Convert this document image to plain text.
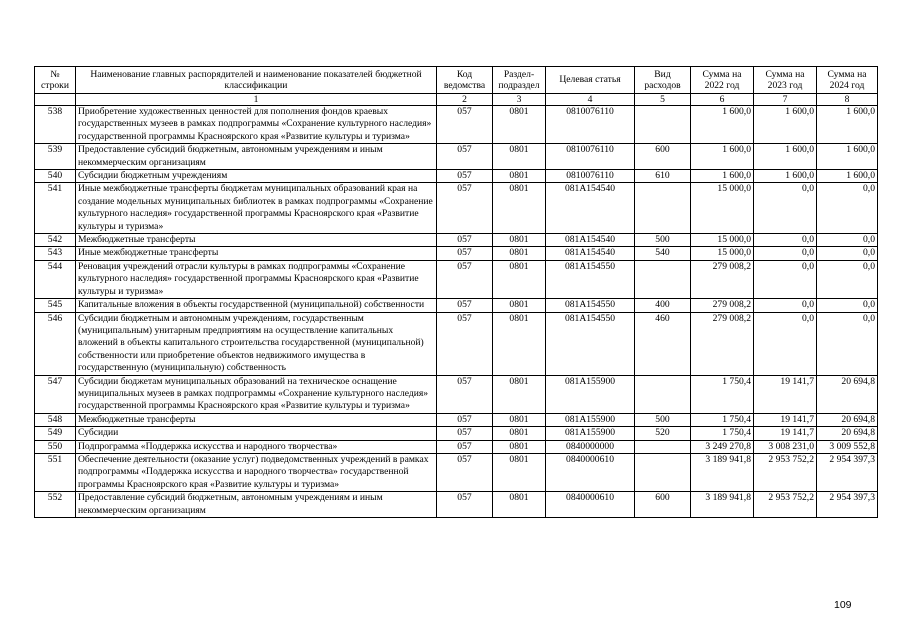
№ строки	Наименование главных распорядителей и наименование показателей бюджетной классификации	Код ведомства	Раздел- подраздел	Целевая статья	Вид расходов	Сумма на 2022 год	Сумма на 2023 год	Сумма на 2024 год
	1	2	3	4	5	6	7	8
538	Приобретение художественных ценностей для пополнения фондов краевых государственных музеев в рамках подпрограммы «Сохранение культурного наследия» государственной программы Красноярского края «Развитие культуры и туризма»	057	0801	0810076110		1 600,0	1 600,0	1 600,0
539	Предоставление субсидий бюджетным, автономным учреждениям и иным некоммерческим организациям	057	0801	0810076110	600	1 600,0	1 600,0	1 600,0
540	Субсидии бюджетным учреждениям	057	0801	0810076110	610	1 600,0	1 600,0	1 600,0
541	Иные межбюджетные трансферты бюджетам муниципальных образований края на создание модельных муниципальных библиотек в рамках подпрограммы «Сохранение культурного наследия» государственной программы Красноярского края «Развитие культуры и туризма»	057	0801	081А154540		15 000,0	0,0	0,0
542	Межбюджетные трансферты	057	0801	081А154540	500	15 000,0	0,0	0,0
543	Иные межбюджетные трансферты	057	0801	081А154540	540	15 000,0	0,0	0,0
544	Реновация учреждений отрасли культуры в рамках подпрограммы «Сохранение культурного наследия» государственной программы Красноярского края «Развитие культуры и туризма»	057	0801	081А154550		279 008,2	0,0	0,0
545	Капитальные вложения в объекты государственной (муниципальной) собственности	057	0801	081А154550	400	279 008,2	0,0	0,0
546	Субсидии бюджетным и автономным учреждениям, государственным (муниципальным) унитарным предприятиям на осуществление капитальных вложений в объекты капитального строительства государственной (муниципальной) собственности или приобретение объектов недвижимого имущества в государственную (муниципальную) собственность	057	0801	081А154550	460	279 008,2	0,0	0,0
547	Субсидии бюджетам муниципальных образований на техническое оснащение муниципальных музеев в рамках подпрограммы «Сохранение культурного наследия» государственной программы Красноярского края «Развитие культуры и туризма»	057	0801	081А155900		1 750,4	19 141,7	20 694,8
548	Межбюджетные трансферты	057	0801	081А155900	500	1 750,4	19 141,7	20 694,8
549	Субсидии	057	0801	081А155900	520	1 750,4	19 141,7	20 694,8
550	Подпрограмма «Поддержка искусства и народного творчества»	057	0801	0840000000		3 249 270,8	3 008 231,0	3 009 552,8
551	Обеспечение деятельности (оказание услуг) подведомственных учреждений в рамках подпрограммы «Поддержка искусства и народного творчества» государственной программы Красноярского края «Развитие культуры и туризма»	057	0801	0840000610		3 189 941,8	2 953 752,2	2 954 397,3
552	Предоставление субсидий бюджетным, автономным учреждениям и иным некоммерческим организациям	057	0801	0840000610	600	3 189 941,8	2 953 752,2	2 954 397,3
109
